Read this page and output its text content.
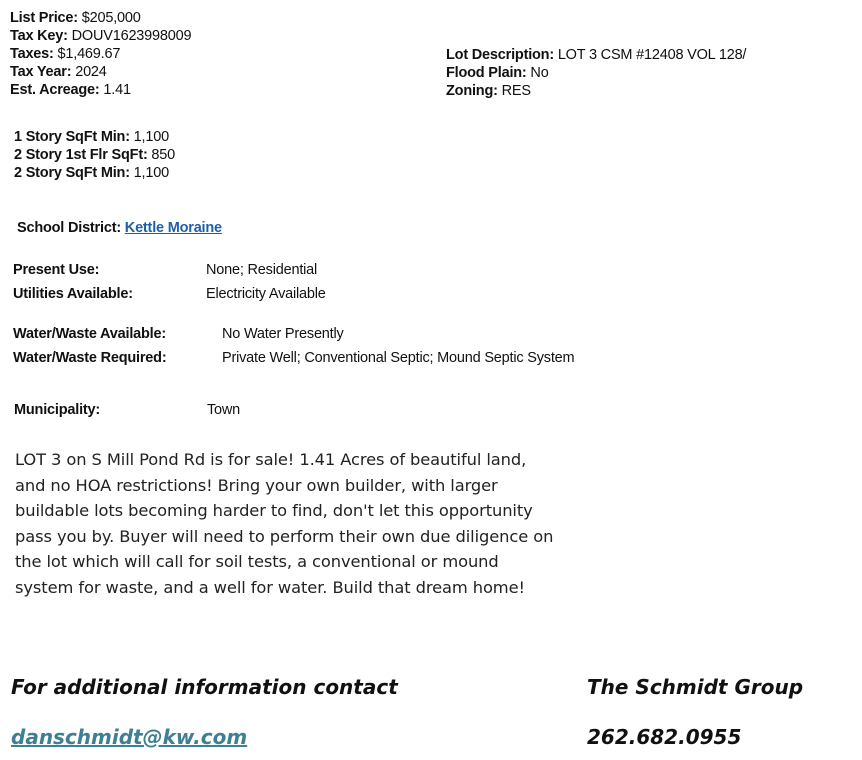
List Price: $205,000
Tax Key: DOUV1623998009
Taxes: $1,469.67
Tax Year: 2024
Est. Acreage: 1.41
Lot Description: LOT 3 CSM #12408 VOL 128/
Flood Plain: No
Zoning: RES
1 Story SqFt Min: 1,100
2 Story 1st Flr SqFt: 850
2 Story SqFt Min: 1,100
School District: Kettle Moraine
Present Use:	None; Residential
Utilities Available:	Electricity Available
Water/Waste Available:	No Water Presently
Water/Waste Required:	Private Well; Conventional Septic; Mound Septic System
Municipality:	Town
LOT 3 on S Mill Pond Rd is for sale! 1.41 Acres of beautiful land,
and no HOA restrictions! Bring your own builder, with larger
buildable lots becoming harder to find, don't let this opportunity
pass you by. Buyer will need to perform their own due diligence on
the lot which will call for soil tests, a conventional or mound
system for waste, and a well for water. Build that dream home!
For additional information contact	The Schmidt Group
danschmidt@kw.com	262.682.0955
